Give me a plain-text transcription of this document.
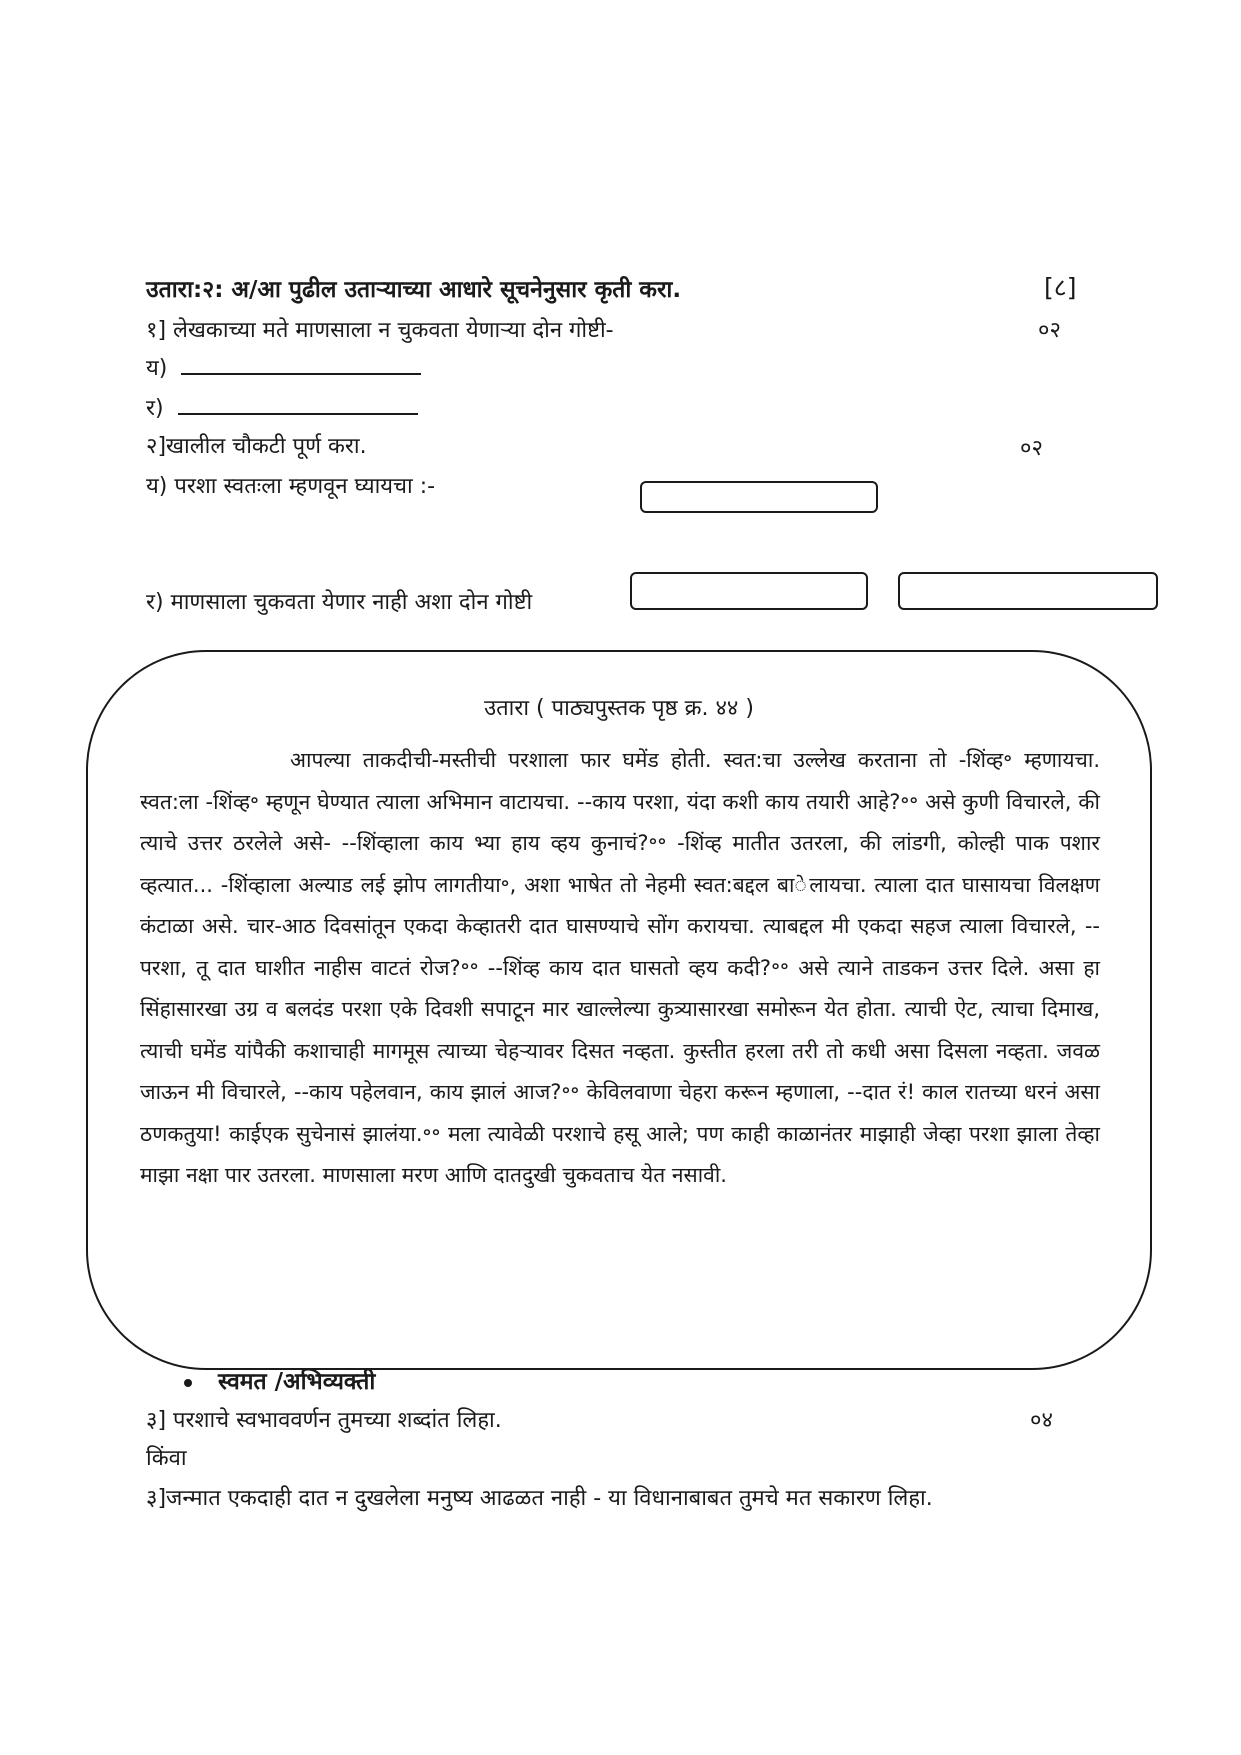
उतारा:२: अ/आ पुढील उताऱ्याच्या आधारे सूचनेनुसार कृती करा.	[८]
१] लेखकाच्या मते माणसाला न चुकवता येणाऱ्या दोन गोष्टी-	०२
य)
र)
२]खालील चौकटी पूर्ण करा.	०२
य) परशा स्वतःला म्हणवून घ्यायचा :-
र) माणसाला चुकवता येणार नाही अशा दोन गोष्टी
उतारा ( पाठ्यपुस्तक पृष्ठ क्र. ४४ )
आपल्या ताकदीची-मस्तीची परशाला फार घमेंड होती. स्वत:चा उल्लेख करताना तो -शिंव्ह॰ म्हणायचा. स्वत:ला -शिंव्ह॰ म्हणून घेण्यात त्याला अभिमान वाटायचा. --काय परशा, यंदा कशी काय तयारी आहे?॰॰ असे कुणी विचारले, की त्याचे उत्तर ठरलेले असे- --शिंव्हाला काय भ्या हाय व्हय कुनाचं?॰॰ -शिंव्ह मातीत उतरला, की लांडगी, कोल्ही पाक पशार व्हत्यात... -शिंव्हाला अल्याड लई झोप लागतीया॰, अशा भाषेत तो नेहमी स्वत:बद्दल बा◌ेलायचा. त्याला दात घासायचा विलक्षण कंटाळा असे. चार-आठ दिवसांतून एकदा केव्हातरी दात घासण्याचे सोंग करायचा. त्याबद्दल मी एकदा सहज त्याला विचारले, --परशा, तू दात घाशीत नाहीस वाटतं रोज?॰॰ --शिंव्ह काय दात घासतो व्हय कदी?॰॰ असे त्याने ताडकन उत्तर दिले. असा हा सिंहासारखा उग्र व बलदंड परशा एके दिवशी सपाटून मार खाल्लेल्या कुत्र्यासारखा समोरून येत होता. त्याची ऐट, त्याचा दिमाख, त्याची घमेंड यांपैकी कशाचाही मागमूस त्याच्या चेहऱ्यावर दिसत नव्हता. कुस्तीत हरला तरी तो कधी असा दिसला नव्हता. जवळ जाऊन मी विचारले, --काय पहेलवान, काय झालं आज?॰॰ केविलवाणा चेहरा करून म्हणाला, --दात रं! काल रातच्या धरनं असा ठणकतुया! काईएक सुचेनासं झालंया.॰॰ मला त्यावेळी परशाचे हसू आले; पण काही काळानंतर माझाही जेव्हा परशा झाला तेव्हा माझा नक्षा पार उतरला. माणसाला मरण आणि दातदुखी चुकवताच येत नसावी.
स्वमत /अभिव्यक्ती
३] परशाचे स्वभाववर्णन तुमच्या शब्दांत लिहा.	०४
किंवा
३]जन्मात एकदाही दात न दुखलेला मनुष्य आढळत नाही - या विधानाबाबत तुमचे मत सकारण लिहा.
